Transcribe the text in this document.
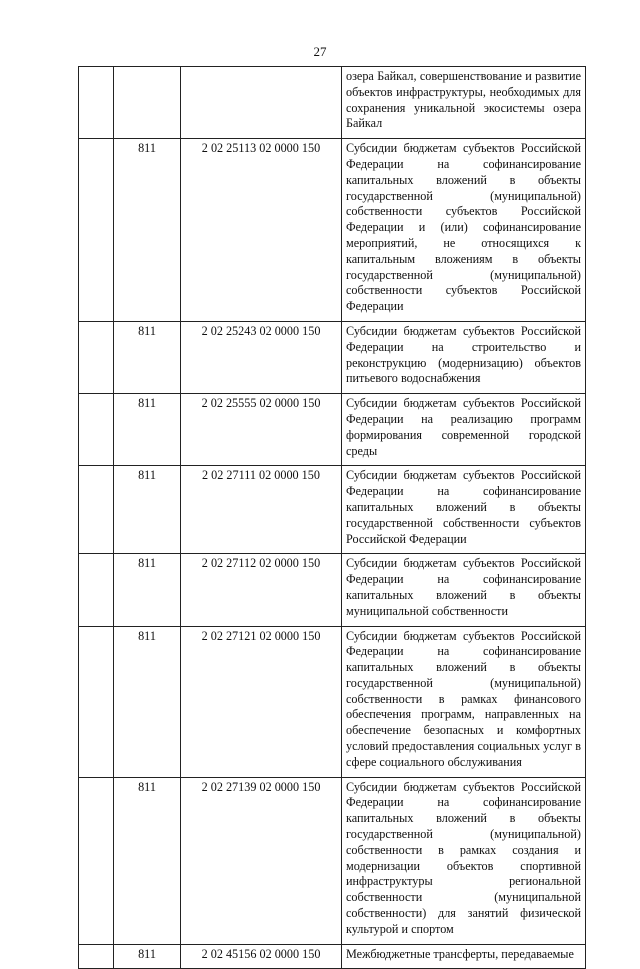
27
			озера Байкал, совершенствование и развитие объектов инфраструктуры, необходимых для сохранения уникальной экосистемы озера Байкал
	811	2 02 25113 02 0000 150	Субсидии бюджетам субъектов Российской Федерации на софинансирование капитальных вложений в объекты государственной (муниципальной) собственности субъектов Российской Федерации и (или) софинансирование мероприятий, не относящихся к капитальным вложениям в объекты государственной (муниципальной) собственности субъектов Российской Федерации
	811	2 02 25243 02 0000 150	Субсидии бюджетам субъектов Российской Федерации на строительство и реконструкцию (модернизацию) объектов питьевого водоснабжения
	811	2 02 25555 02 0000 150	Субсидии бюджетам субъектов Российской Федерации на реализацию программ формирования современной городской среды
	811	2 02 27111 02 0000 150	Субсидии бюджетам субъектов Российской Федерации на софинансирование капитальных вложений в объекты государственной собственности субъектов Российской Федерации
	811	2 02 27112 02 0000 150	Субсидии бюджетам субъектов Российской Федерации на софинансирование капитальных вложений в объекты муниципальной собственности
	811	2 02 27121 02 0000 150	Субсидии бюджетам субъектов Российской Федерации на софинансирование капитальных вложений в объекты государственной (муниципальной) собственности в рамках финансового обеспечения программ, направленных на обеспечение безопасных и комфортных условий предоставления социальных услуг в сфере социального обслуживания
	811	2 02 27139 02 0000 150	Субсидии бюджетам субъектов Российской Федерации на софинансирование капитальных вложений в объекты государственной (муниципальной) собственности в рамках создания и модернизации объектов спортивной инфраструктуры региональной собственности (муниципальной собственности) для занятий физической культурой и спортом
	811	2 02 45156 02 0000 150	Межбюджетные трансферты, передаваемые
